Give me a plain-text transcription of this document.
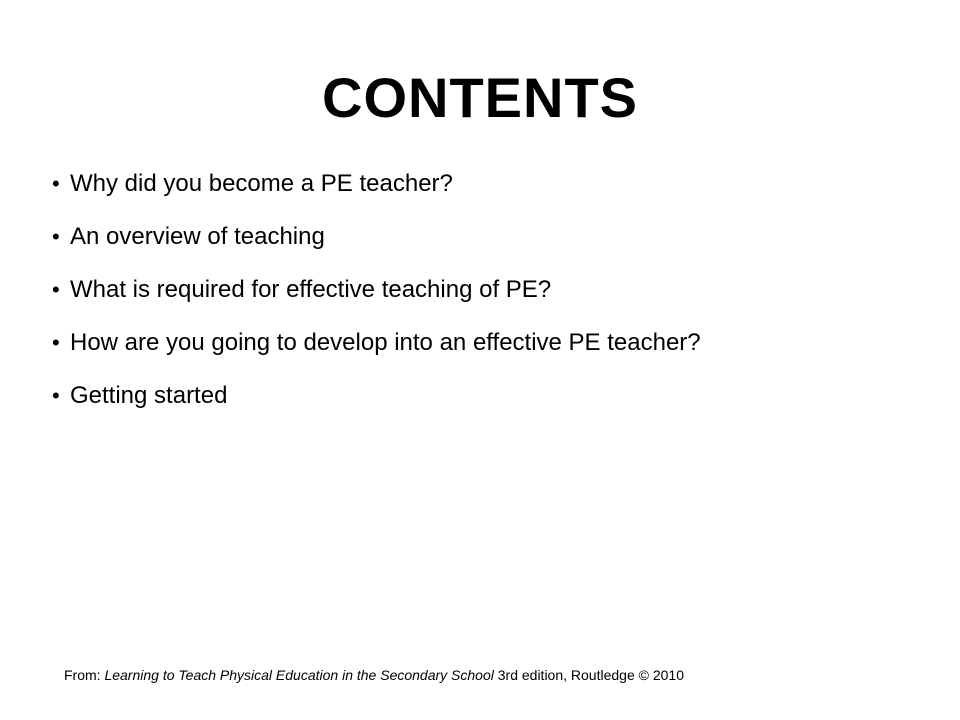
CONTENTS
• Why did you become a PE teacher?
• An overview of teaching
• What is required for effective teaching of PE?
• How are you going to develop into an effective PE teacher?
• Getting started
From: Learning to Teach Physical Education in the Secondary School 3rd edition, Routledge © 2010
